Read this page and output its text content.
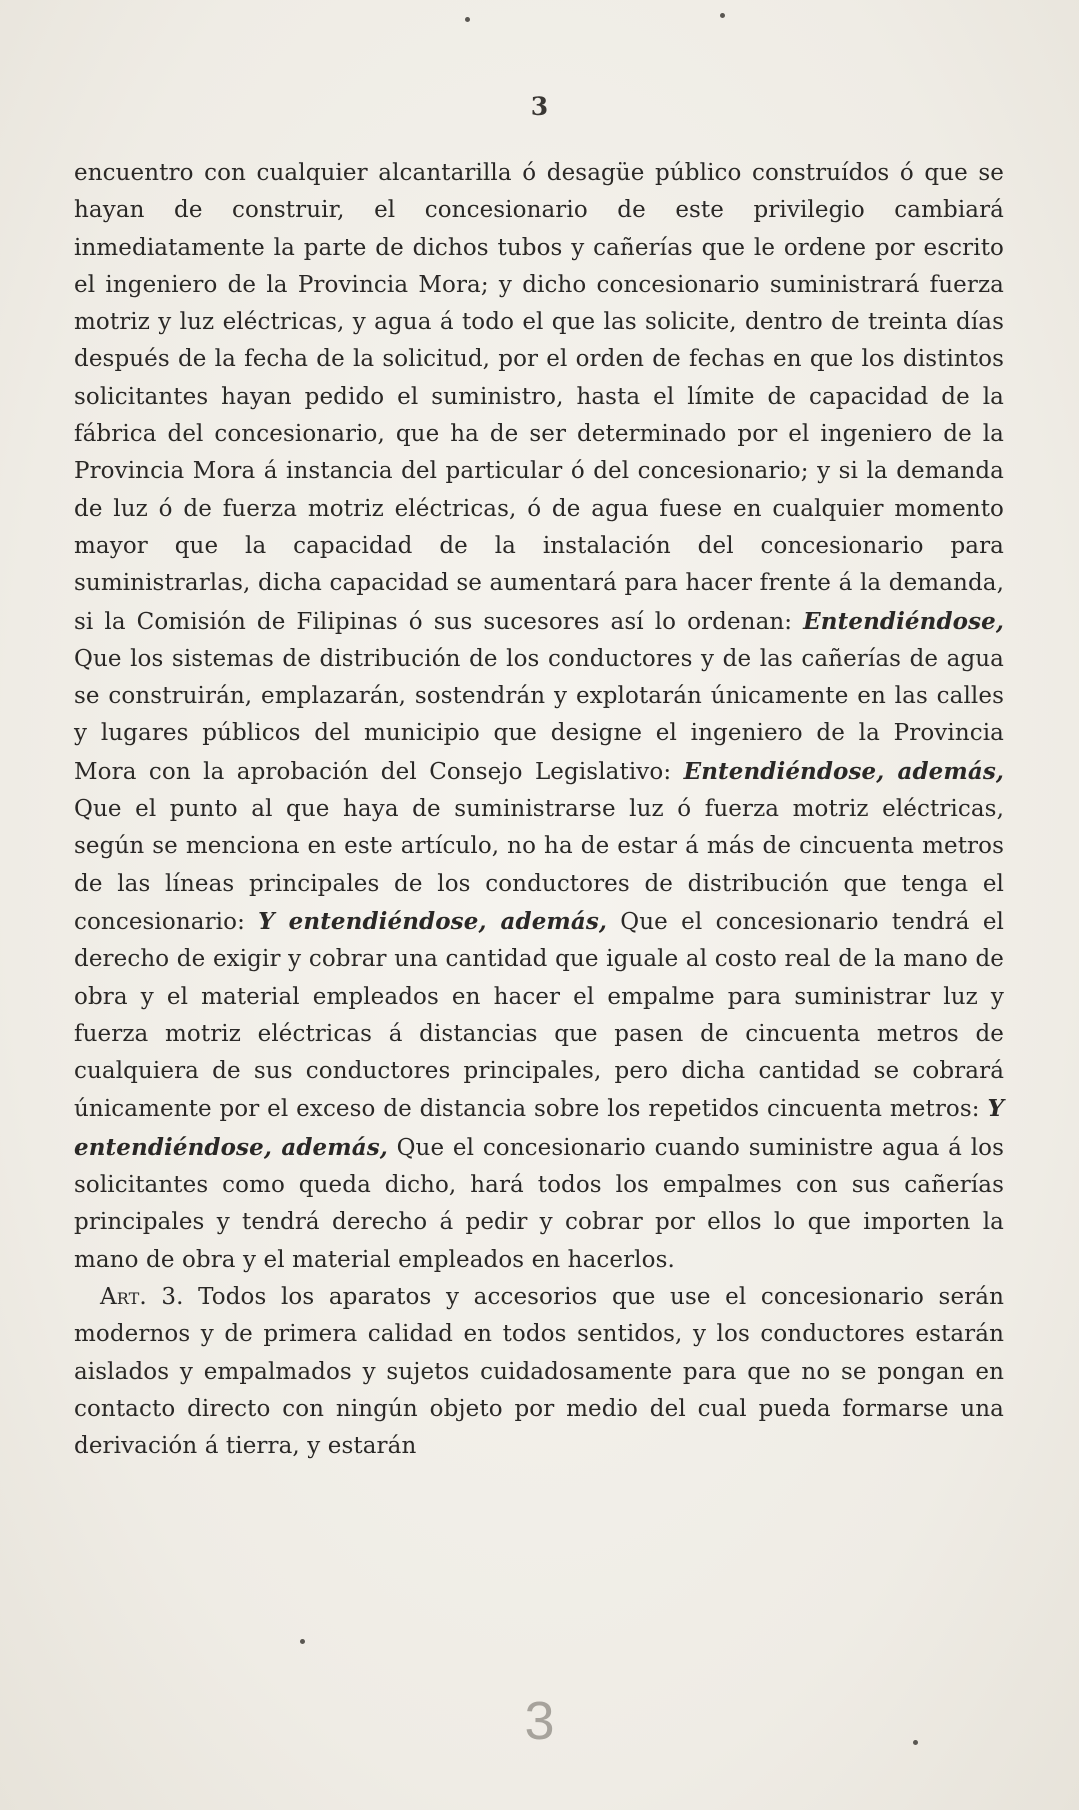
3

encuentro con cualquier alcantarilla ó desagüe público construídos ó que se hayan de construir, el concesionario de este privilegio cambiará inmediatamente la parte de dichos tubos y cañerías que le ordene por escrito el ingeniero de la Provincia Mora; y dicho concesionario suministrará fuerza motriz y luz eléctricas, y agua á todo el que las solicite, dentro de treinta días después de la fecha de la solicitud, por el orden de fechas en que los distintos solicitantes hayan pedido el suministro, hasta el límite de capacidad de la fábrica del concesionario, que ha de ser determinado por el ingeniero de la Provincia Mora á instancia del particular ó del concesionario; y si la demanda de luz ó de fuerza motriz eléctricas, ó de agua fuese en cualquier momento mayor que la capacidad de la instalación del concesionario para suministrarlas, dicha capacidad se aumentará para hacer frente á la demanda, si la Comisión de Filipinas ó sus sucesores así lo ordenan: Entendiéndose, Que los sistemas de distribución de los conductores y de las cañerías de agua se construirán, emplazarán, sostendrán y explotarán únicamente en las calles y lugares públicos del municipio que designe el ingeniero de la Provincia Mora con la aprobación del Consejo Legislativo: Entendiéndose, además, Que el punto al que haya de suministrarse luz ó fuerza motriz eléctricas, según se menciona en este artículo, no ha de estar á más de cincuenta metros de las líneas principales de los conductores de distribución que tenga el concesionario: Y entendiéndose, además, Que el concesionario tendrá el derecho de exigir y cobrar una cantidad que iguale al costo real de la mano de obra y el material empleados en hacer el empalme para suministrar luz y fuerza motriz eléctricas á distancias que pasen de cincuenta metros de cualquiera de sus conductores principales, pero dicha cantidad se cobrará únicamente por el exceso de distancia sobre los repetidos cincuenta metros: Y entendiéndose, además, Que el concesionario cuando suministre agua á los solicitantes como queda dicho, hará todos los empalmes con sus cañerías principales y tendrá derecho á pedir y cobrar por ellos lo que importen la mano de obra y el material empleados en hacerlos.

Art. 3. Todos los aparatos y accesorios que use el concesionario serán modernos y de primera calidad en todos sentidos, y los conductores estarán aislados y empalmados y sujetos cuidadosamente para que no se pongan en contacto directo con ningún objeto por medio del cual pueda formarse una derivación á tierra, y estarán

3
